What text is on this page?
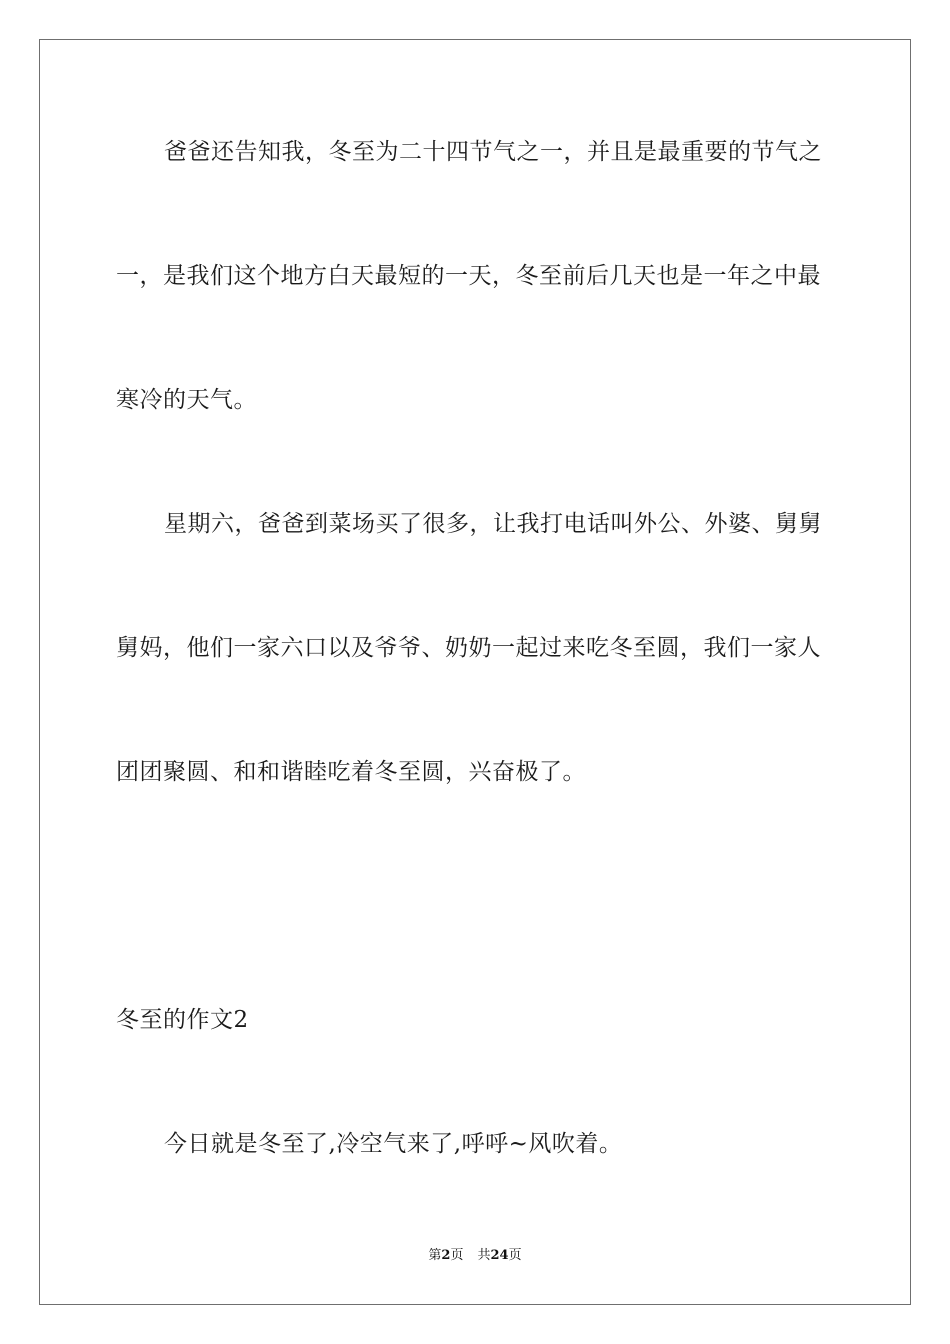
爸爸还告知我，冬至为二十四节气之一，并且是最重要的节气之
一，是我们这个地方白天最短的一天，冬至前后几天也是一年之中最
寒冷的天气。
星期六，爸爸到菜场买了很多，让我打电话叫外公、外婆、舅舅
舅妈，他们一家六口以及爷爷、奶奶一起过来吃冬至圆，我们一家人
团团聚圆、和和谐睦吃着冬至圆，兴奋极了。
冬至的作文2
今日就是冬至了,冷空气来了,呼呼~风吹着。
第2页 共24页
